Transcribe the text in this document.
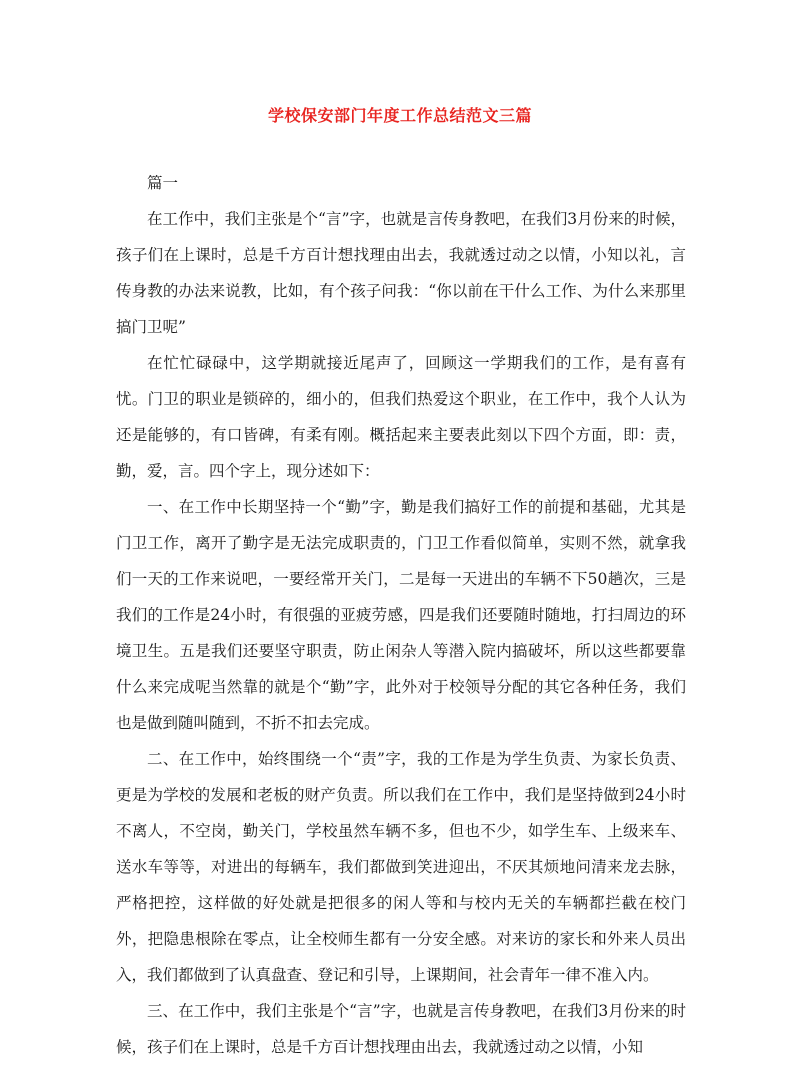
学校保安部门年度工作总结范文三篇

篇一

在工作中，我们主张是个“言”字，也就是言传身教吧，在我们3月份来的时候，孩子们在上课时，总是千方百计想找理由出去，我就透过动之以情，小知以礼，言传身教的办法来说教，比如，有个孩子问我：“你以前在干什么工作、为什么来那里搞门卫呢”

在忙忙碌碌中，这学期就接近尾声了，回顾这一学期我们的工作，是有喜有忧。门卫的职业是锁碎的，细小的，但我们热爱这个职业，在工作中，我个人认为还是能够的，有口皆碑，有柔有刚。概括起来主要表此刻以下四个方面，即：责，勤，爱，言。四个字上，现分述如下：

一、在工作中长期坚持一个“勤”字，勤是我们搞好工作的前提和基础，尤其是门卫工作，离开了勤字是无法完成职责的，门卫工作看似简单，实则不然，就拿我们一天的工作来说吧，一要经常开关门，二是每一天进出的车辆不下50趟次，三是我们的工作是24小时，有很强的亚疲劳感，四是我们还要随时随地，打扫周边的环境卫生。五是我们还要坚守职责，防止闲杂人等潜入院内搞破坏，所以这些都要靠什么来完成呢当然靠的就是个“勤”字，此外对于校领导分配的其它各种任务，我们也是做到随叫随到，不折不扣去完成。

二、在工作中，始终围绕一个“责”字，我的工作是为学生负责、为家长负责、更是为学校的发展和老板的财产负责。所以我们在工作中，我们是坚持做到24小时不离人，不空岗，勤关门，学校虽然车辆不多，但也不少，如学生车、上级来车、送水车等等，对进出的每辆车，我们都做到笑进迎出，不厌其烦地问清来龙去脉，严格把控，这样做的好处就是把很多的闲人等和与校内无关的车辆都拦截在校门外，把隐患根除在零点，让全校师生都有一分安全感。对来访的家长和外来人员出入，我们都做到了认真盘查、登记和引导，上课期间，社会青年一律不准入内。

三、在工作中，我们主张是个“言”字，也就是言传身教吧，在我们3月份来的时候，孩子们在上课时，总是千方百计想找理由出去，我就透过动之以情，小知
